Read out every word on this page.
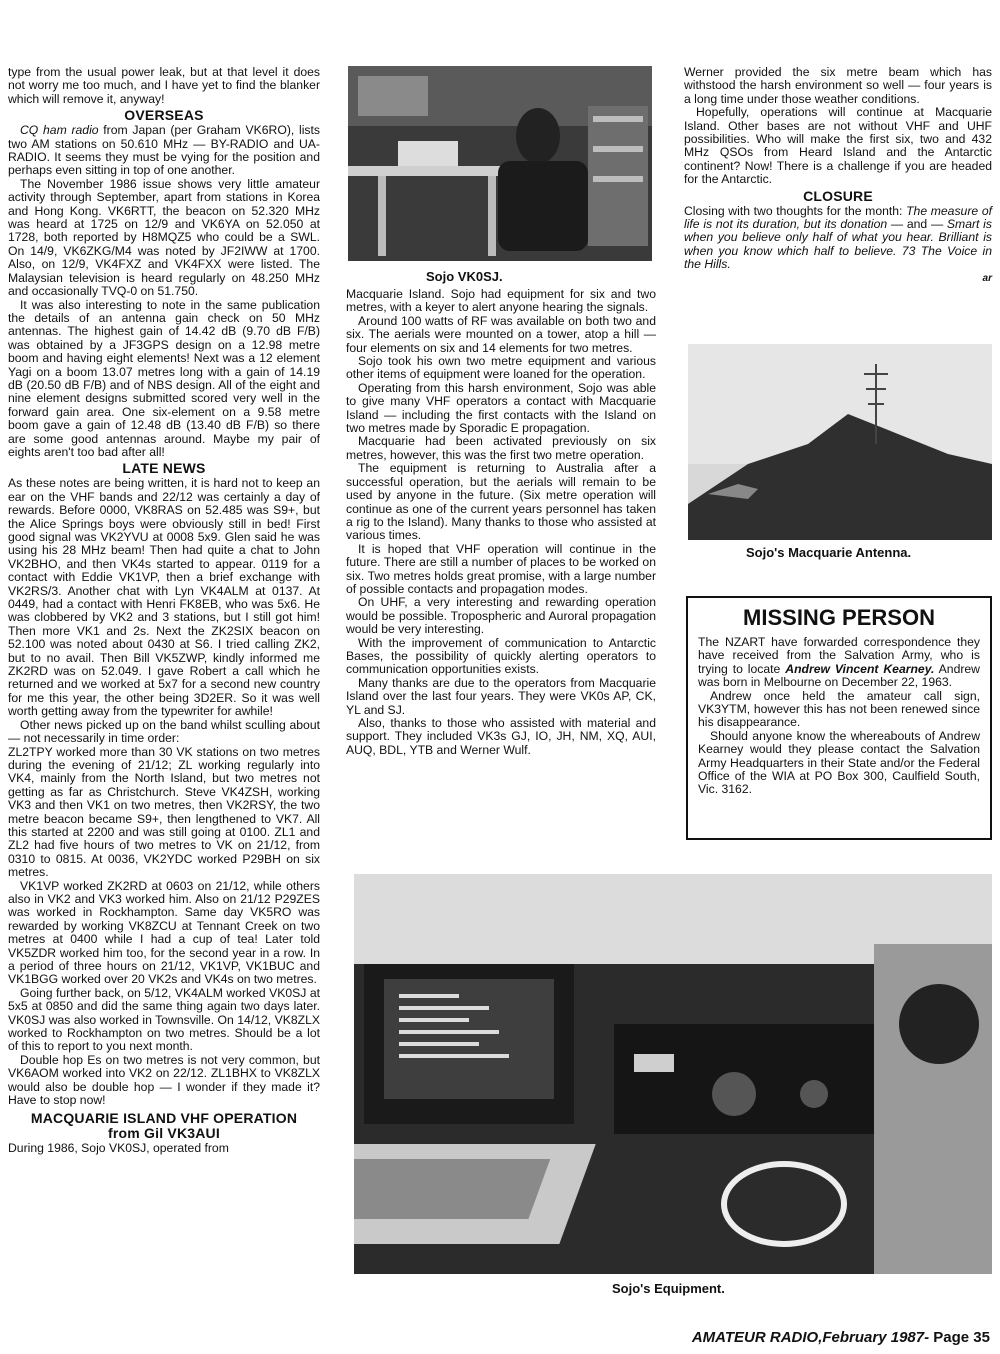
type from the usual power leak, but at that level it does not worry me too much, and I have yet to find the blanker which will remove it, anyway!

OVERSEAS

CQ ham radio from Japan (per Graham VK6RO), lists two AM stations on 50.610 MHz — BY-RADIO and UA-RADIO. It seems they must be vying for the position and perhaps even sitting in top of one another.

The November 1986 issue shows very little amateur activity through September, apart from stations in Korea and Hong Kong. VK6RTT, the beacon on 52.320 MHz was heard at 1725 on 12/9 and VK6YA on 52.050 at 1728, both reported by H8MQZ5 who could be a SWL. On 14/9, VK6ZKG/M4 was noted by JF2IWW at 1700. Also, on 12/9, VK4FXZ and VK4FXX were listed. The Malaysian television is heard regularly on 48.250 MHz and occasionally TVQ-0 on 51.750.

It was also interesting to note in the same publication the details of an antenna gain check on 50 MHz antennas. The highest gain of 14.42 dB (9.70 dB F/B) was obtained by a JF3GPS design on a 12.98 metre boom and having eight elements! Next was a 12 element Yagi on a boom 13.07 metres long with a gain of 14.19 dB (20.50 dB F/B) and of NBS design. All of the eight and nine element designs submitted scored very well in the forward gain area. One six-element on a 9.58 metre boom gave a gain of 12.48 dB (13.40 dB F/B) so there are some good antennas around. Maybe my pair of eights aren't too bad after all!

LATE NEWS

As these notes are being written, it is hard not to keep an ear on the VHF bands and 22/12 was certainly a day of rewards. Before 0000, VK8RAS on 52.485 was S9+, but the Alice Springs boys were obviously still in bed! First good signal was VK2YVU at 0008 5x9. Glen said he was using his 28 MHz beam! Then had quite a chat to John VK2BHO, and then VK4s started to appear. 0119 for a contact with Eddie VK1VP, then a brief exchange with VK2RS/3. Another chat with Lyn VK4ALM at 0137. At 0449, had a contact with Henri FK8EB, who was 5x6. He was clobbered by VK2 and 3 stations, but I still got him! Then more VK1 and 2s. Next the ZK2SIX beacon on 52.100 was noted about 0430 at S6. I tried calling ZK2, but to no avail. Then Bill VK5ZWP, kindly informed me ZK2RD was on 52.049. I gave Robert a call which he returned and we worked at 5x7 for a second new country for me this year, the other being 3D2ER. So it was well worth getting away from the typewriter for awhile!

Other news picked up on the band whilst sculling about — not necessarily in time order:

ZL2TPY worked more than 30 VK stations on two metres during the evening of 21/12; ZL working regularly into VK4, mainly from the North Island, but two metres not getting as far as Christchurch. Steve VK4ZSH, working VK3 and then VK1 on two metres, then VK2RSY, the two metre beacon became S9+, then lengthened to VK7. All this started at 2200 and was still going at 0100. ZL1 and ZL2 had five hours of two metres to VK on 21/12, from 0310 to 0815. At 0036, VK2YDC worked P29BH on six metres.

VK1VP worked ZK2RD at 0603 on 21/12, while others also in VK2 and VK3 worked him. Also on 21/12 P29ZES was worked in Rockhampton. Same day VK5RO was rewarded by working VK8ZCU at Tennant Creek on two metres at 0400 while I had a cup of tea! Later told VK5ZDR worked him too, for the second year in a row. In a period of three hours on 21/12, VK1VP, VK1BUC and VK1BGG worked over 20 VK2s and VK4s on two metres.

Going further back, on 5/12, VK4ALM worked VK0SJ at 5x5 at 0850 and did the same thing again two days later. VK0SJ was also worked in Townsville. On 14/12, VK8ZLX worked to Rockhampton on two metres. Should be a lot of this to report to you next month.

Double hop Es on two metres is not very common, but VK6AOM worked into VK2 on 22/12. ZL1BHX to VK8ZLX would also be double hop — I wonder if they made it? Have to stop now!

MACQUARIE ISLAND VHF OPERATION
from Gil VK3AUI

During 1986, Sojo VK0SJ, operated from

Sojo VK0SJ.

Macquarie Island. Sojo had equipment for six and two metres, with a keyer to alert anyone hearing the signals.

Around 100 watts of RF was available on both two and six. The aerials were mounted on a tower, atop a hill — four elements on six and 14 elements for two metres.

Sojo took his own two metre equipment and various other items of equipment were loaned for the operation.

Operating from this harsh environment, Sojo was able to give many VHF operators a contact with Macquarie Island — including the first contacts with the Island on two metres made by Sporadic E propagation.

Macquarie had been activated previously on six metres, however, this was the first two metre operation.

The equipment is returning to Australia after a successful operation, but the aerials will remain to be used by anyone in the future. (Six metre operation will continue as one of the current years personnel has taken a rig to the Island). Many thanks to those who assisted at various times.

It is hoped that VHF operation will continue in the future. There are still a number of places to be worked on six. Two metres holds great promise, with a large number of possible contacts and propagation modes.

On UHF, a very interesting and rewarding operation would be possible. Tropospheric and Auroral propagation would be very interesting.

With the improvement of communication to Antarctic Bases, the possibility of quickly alerting operators to communication opportunities exists.

Many thanks are due to the operators from Macquarie Island over the last four years. They were VK0s AP, CK, YL and SJ.

Also, thanks to those who assisted with material and support. They included VK3s GJ, IO, JH, NM, XQ, AUI, AUQ, BDL, YTB and Werner Wulf.

Werner provided the six metre beam which has withstood the harsh environment so well — four years is a long time under those weather conditions.

Hopefully, operations will continue at Macquarie Island. Other bases are not without VHF and UHF possibilities. Who will make the first six, two and 432 MHz QSOs from Heard Island and the Antarctic continent? Now! There is a challenge if you are headed for the Antarctic.

CLOSURE

Closing with two thoughts for the month: The measure of life is not its duration, but its donation — and — Smart is when you believe only half of what you hear. Brilliant is when you know which half to believe. 73 The Voice in the Hills.

ar
Sojo's Macquarie Antenna.
MISSING PERSON

The NZART have forwarded correspondence they have received from the Salvation Army, who is trying to locate Andrew Vincent Kearney. Andrew was born in Melbourne on December 22, 1963.

Andrew once held the amateur call sign, VK3YTM, however this has not been renewed since his disappearance.

Should anyone know the whereabouts of Andrew Kearney would they please contact the Salvation Army Headquarters in their State and/or the Federal Office of the WIA at PO Box 300, Caulfield South, Vic. 3162.

Sojo's Equipment.
AMATEUR RADIO,February 1987- Page 35
